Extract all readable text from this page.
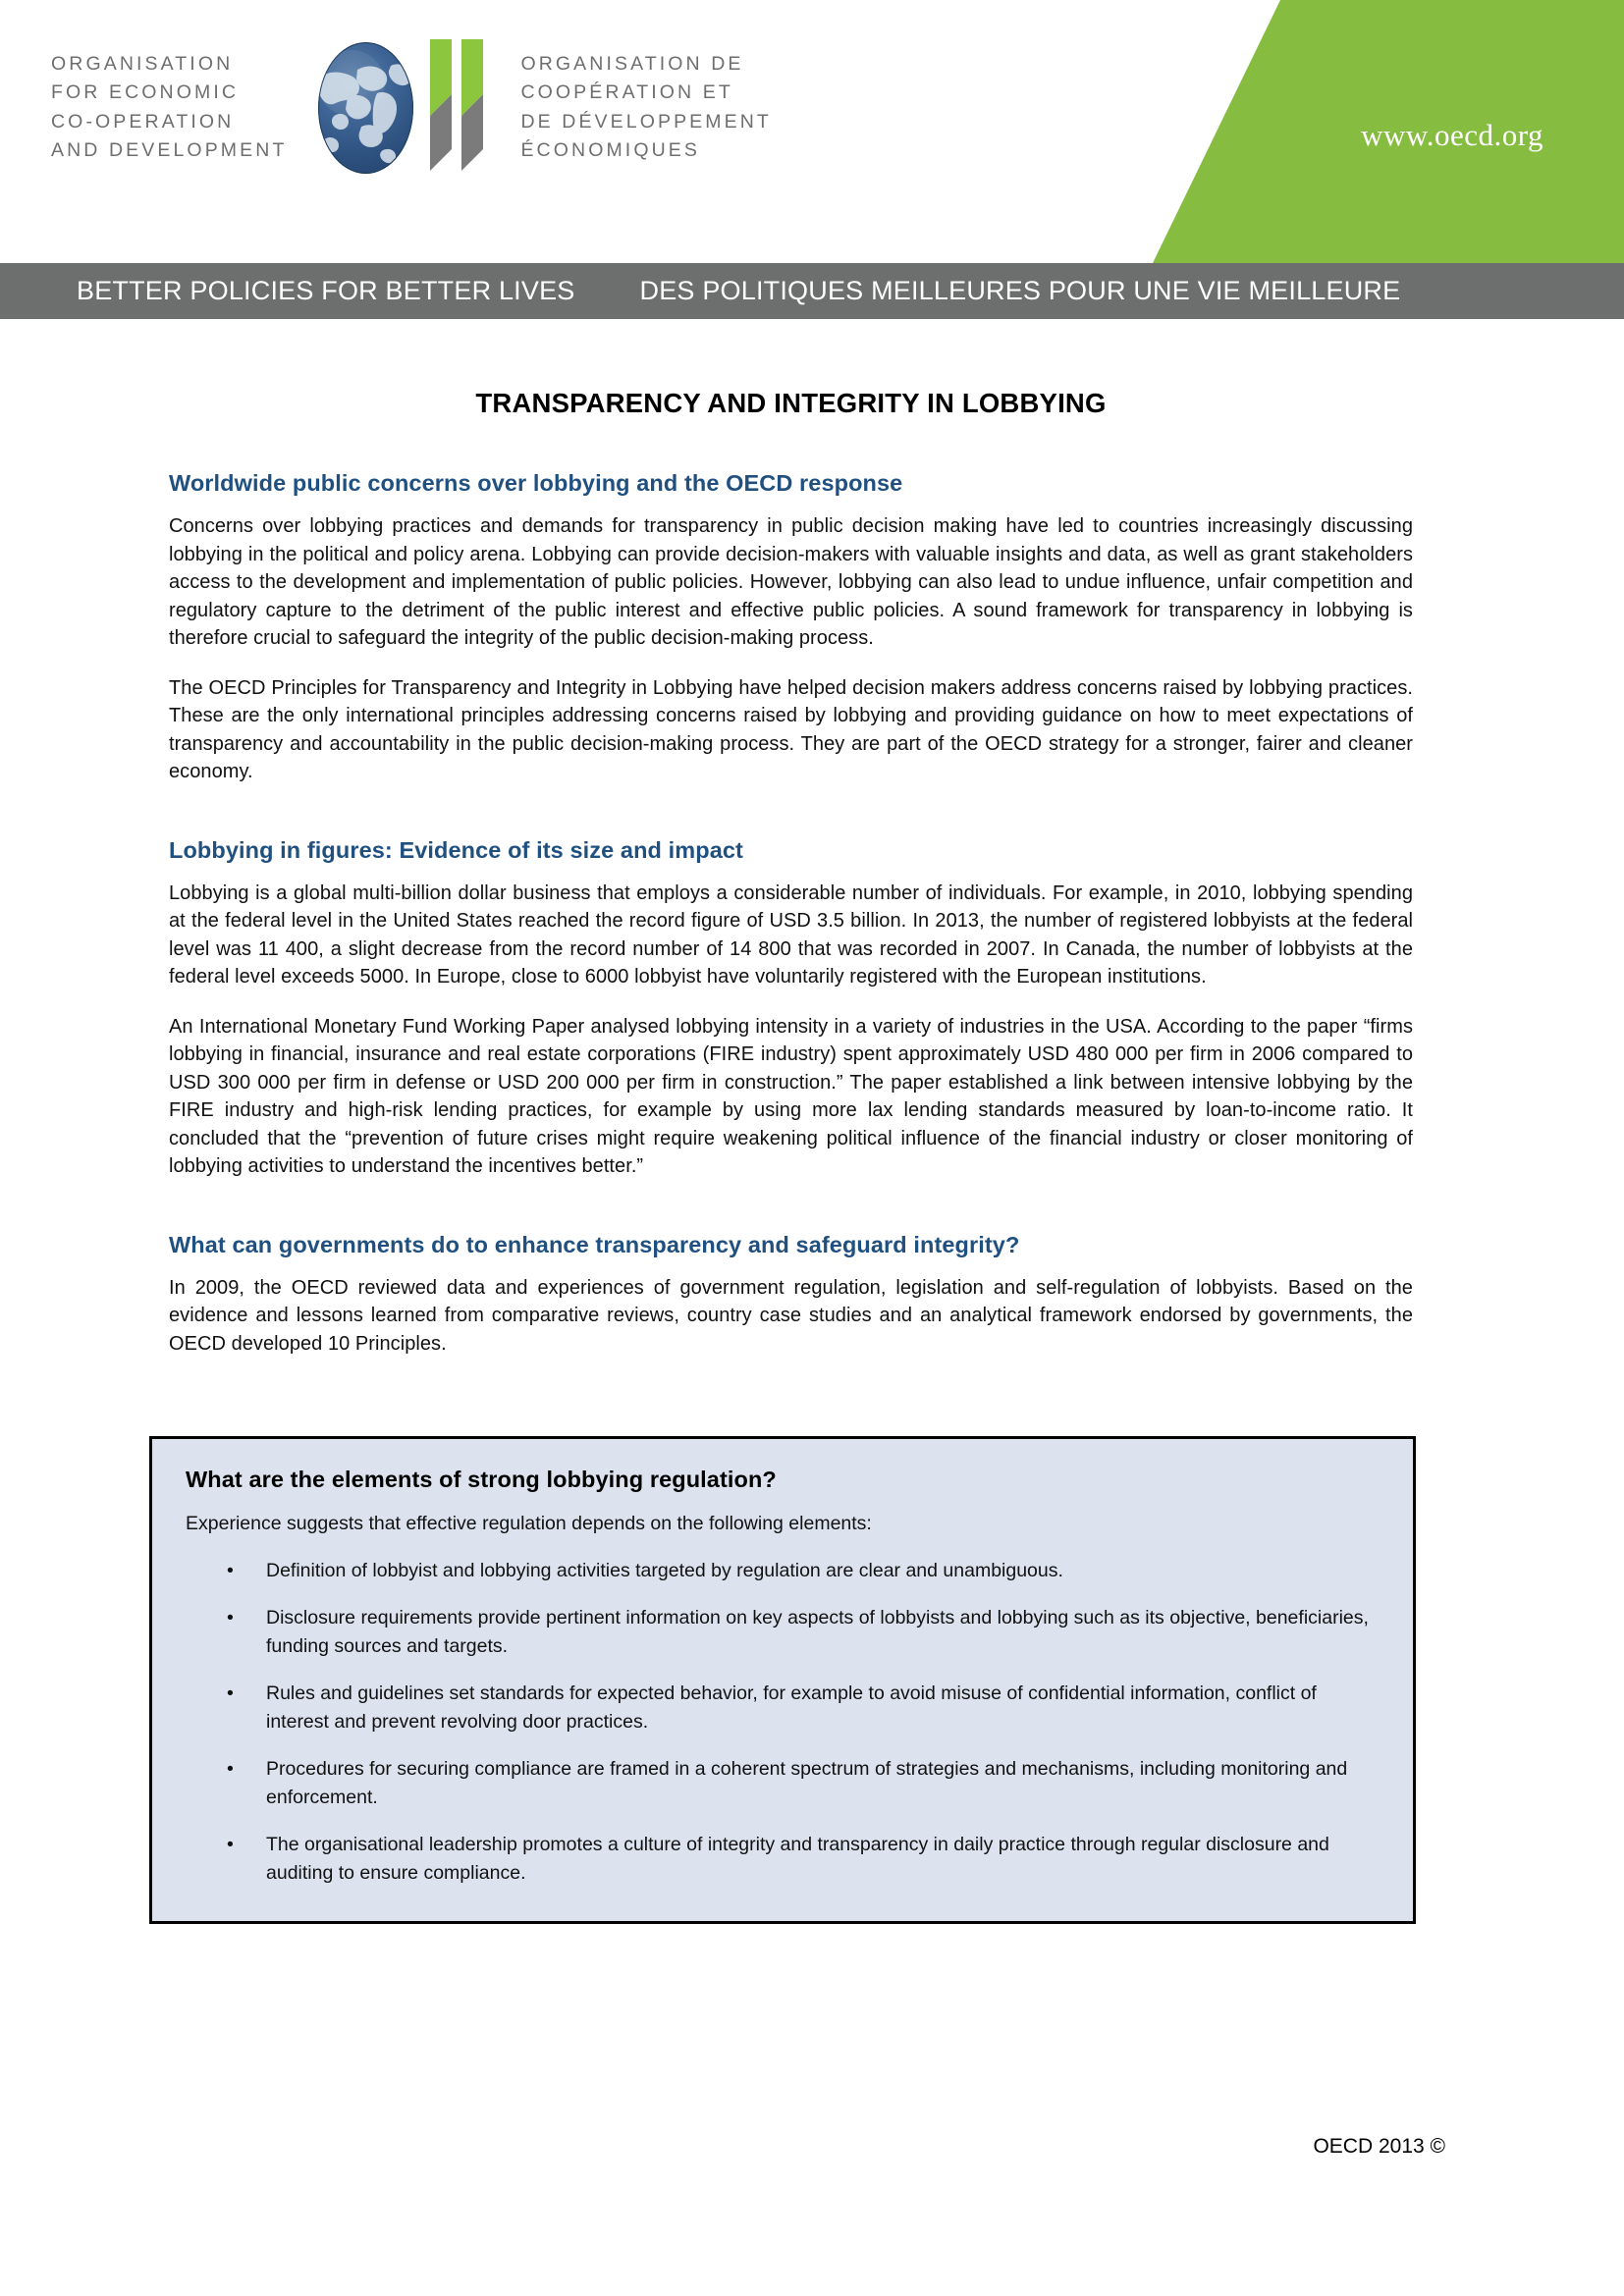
www.oecd.org
ORGANISATION
FOR ECONOMIC
CO-OPERATION
AND DEVELOPMENT
ORGANISATION DE
COOPÉRATION ET
DE DÉVELOPPEMENT
ÉCONOMIQUES
BETTER POLICIES FOR BETTER LIVES DES POLITIQUES MEILLEURES POUR UNE VIE MEILLEURE
TRANSPARENCY AND INTEGRITY IN LOBBYING
Worldwide public concerns over lobbying and the OECD response

Concerns over lobbying practices and demands for transparency in public decision making have led to countries increasingly discussing lobbying in the political and policy arena. Lobbying can provide decision-makers with valuable insights and data, as well as grant stakeholders access to the development and implementation of public policies. However, lobbying can also lead to undue influence, unfair competition and regulatory capture to the detriment of the public interest and effective public policies. A sound framework for transparency in lobbying is therefore crucial to safeguard the integrity of the public decision-making process.

The OECD Principles for Transparency and Integrity in Lobbying have helped decision makers address concerns raised by lobbying practices. These are the only international principles addressing concerns raised by lobbying and providing guidance on how to meet expectations of transparency and accountability in the public decision-making process. They are part of the OECD strategy for a stronger, fairer and cleaner economy.

Lobbying in figures: Evidence of its size and impact

Lobbying is a global multi-billion dollar business that employs a considerable number of individuals. For example, in 2010, lobbying spending at the federal level in the United States reached the record figure of USD 3.5 billion. In 2013, the number of registered lobbyists at the federal level was 11 400, a slight decrease from the record number of 14 800 that was recorded in 2007. In Canada, the number of lobbyists at the federal level exceeds 5000. In Europe, close to 6000 lobbyist have voluntarily registered with the European institutions.

An International Monetary Fund Working Paper analysed lobbying intensity in a variety of industries in the USA. According to the paper “firms lobbying in financial, insurance and real estate corporations (FIRE industry) spent approximately USD 480 000 per firm in 2006 compared to USD 300 000 per firm in defense or USD 200 000 per firm in construction.” The paper established a link between intensive lobbying by the FIRE industry and high-risk lending practices, for example by using more lax lending standards measured by loan-to-income ratio. It concluded that the “prevention of future crises might require weakening political influence of the financial industry or closer monitoring of lobbying activities to understand the incentives better.”

What can governments do to enhance transparency and safeguard integrity?

In 2009, the OECD reviewed data and experiences of government regulation, legislation and self-regulation of lobbyists. Based on the evidence and lessons learned from comparative reviews, country case studies and an analytical framework endorsed by governments, the OECD developed 10 Principles.

What are the elements of strong lobbying regulation?
Experience suggests that effective regulation depends on the following elements:
• Definition of lobbyist and lobbying activities targeted by regulation are clear and unambiguous.
• Disclosure requirements provide pertinent information on key aspects of lobbyists and lobbying such as its objective, beneficiaries, funding sources and targets.
• Rules and guidelines set standards for expected behavior, for example to avoid misuse of confidential information, conflict of interest and prevent revolving door practices.
• Procedures for securing compliance are framed in a coherent spectrum of strategies and mechanisms, including monitoring and enforcement.
• The organisational leadership promotes a culture of integrity and transparency in daily practice through regular disclosure and auditing to ensure compliance.
OECD 2013 ©
